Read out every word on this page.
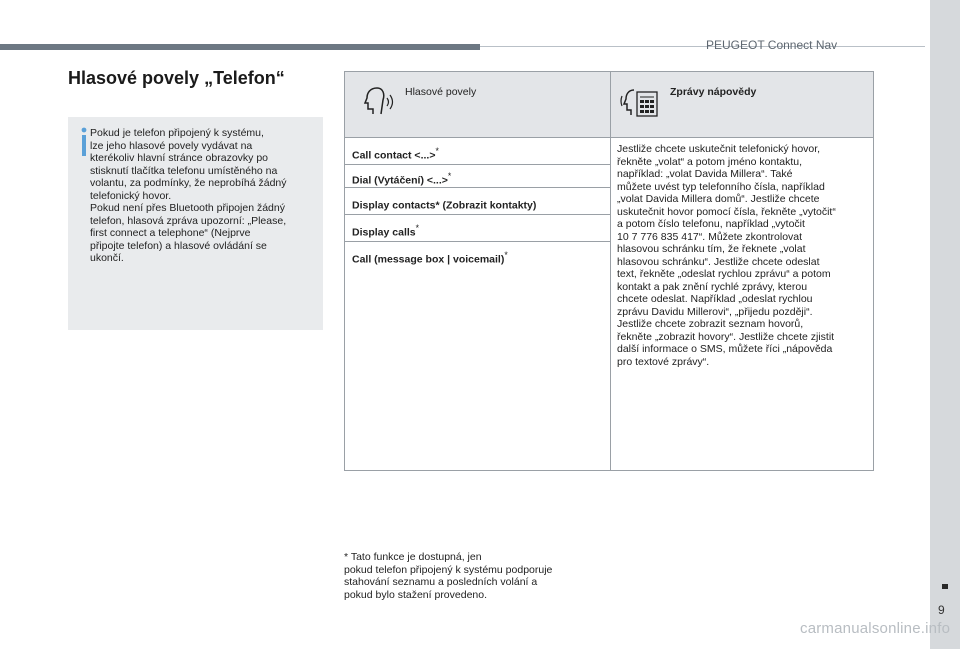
PEUGEOT Connect Nav
9
carmanualsonline.info
Hlasové povely „Telefon“
Pokud je telefon připojený k systému,
lze jeho hlasové povely vydávat na
kterékoliv hlavní stránce obrazovky po
stisknutí tlačítka telefonu umístěného na
volantu, za podmínky, že neprobíhá žádný
telefonický hovor.
Pokud není přes Bluetooth připojen žádný
telefon, hlasová zpráva upozorní: „Please,
first connect a telephone“ (Nejprve
připojte telefon) a hlasové ovládání se
ukončí.
Hlasové povely	Zprávy nápovědy
Call contact <...>*
Dial (Vytáčení) <...>*
Display contacts* (Zobrazit kontakty)
Display calls*
Call (message box | voicemail)*
Jestliže chcete uskutečnit telefonický hovor,
řekněte „volat“ a potom jméno kontaktu,
například: „volat Davida Millera“. Také
můžete uvést typ telefonního čísla, například
„volat Davida Millera domů“. Jestliže chcete
uskutečnit hovor pomocí čísla, řekněte „vytočit“
a potom číslo telefonu, například „vytočit
10 7 776 835 417“. Můžete zkontrolovat
hlasovou schránku tím, že řeknete „volat
hlasovou schránku“. Jestliže chcete odeslat
text, řekněte „odeslat rychlou zprávu“ a potom
kontakt a pak znění rychlé zprávy, kterou
chcete odeslat. Například „odeslat rychlou
zprávu Davidu Millerovi“, „přijedu později“.
Jestliže chcete zobrazit seznam hovorů,
řekněte „zobrazit hovory“. Jestliže chcete zjistit
další informace o SMS, můžete říci „nápověda
pro textové zprávy“.
* Tato funkce je dostupná, jen
pokud telefon připojený k systému podporuje
stahování seznamu a posledních volání a
pokud bylo stažení provedeno.
